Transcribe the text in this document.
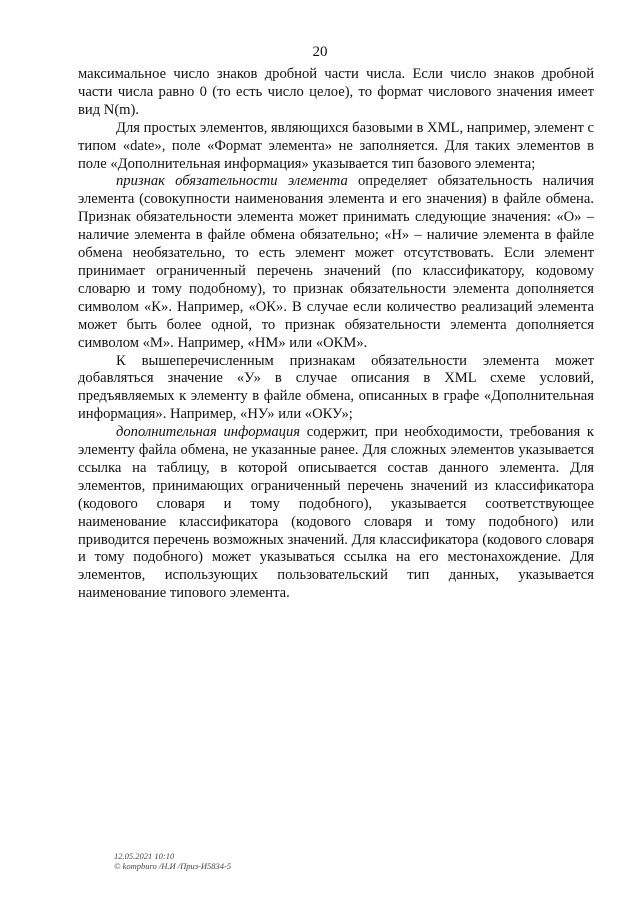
20

максимальное число знаков дробной части числа. Если число знаков дробной части числа равно 0 (то есть число целое), то формат числового значения имеет вид N(m).

Для простых элементов, являющихся базовыми в XML, например, элемент с типом «date», поле «Формат элемента» не заполняется. Для таких элементов в поле «Дополнительная информация» указывается тип базового элемента;

признак обязательности элемента определяет обязательность наличия элемента (совокупности наименования элемента и его значения) в файле обмена. Признак обязательности элемента может принимать следующие значения: «О» – наличие элемента в файле обмена обязательно; «Н» – наличие элемента в файле обмена необязательно, то есть элемент может отсутствовать. Если элемент принимает ограниченный перечень значений (по классификатору, кодовому словарю и тому подобному), то признак обязательности элемента дополняется символом «К». Например, «ОК». В случае если количество реализаций элемента может быть более одной, то признак обязательности элемента дополняется символом «М». Например, «НМ» или «ОКМ».

К вышеперечисленным признакам обязательности элемента может добавляться значение «У» в случае описания в XML схеме условий, предъявляемых к элементу в файле обмена, описанных в графе «Дополнительная информация». Например, «НУ» или «ОКУ»;

дополнительная информация содержит, при необходимости, требования к элементу файла обмена, не указанные ранее. Для сложных элементов указывается ссылка на таблицу, в которой описывается состав данного элемента. Для элементов, принимающих ограниченный перечень значений из классификатора (кодового словаря и тому подобного), указывается соответствующее наименование классификатора (кодового словаря и тому подобного) или приводится перечень возможных значений. Для классификатора (кодового словаря и тому подобного) может указываться ссылка на его местонахождение. Для элементов, использующих пользовательский тип данных, указывается наименование типового элемента.

12.05.2021 10:10
© kompburo /Н.И /Приз-И5834-5
